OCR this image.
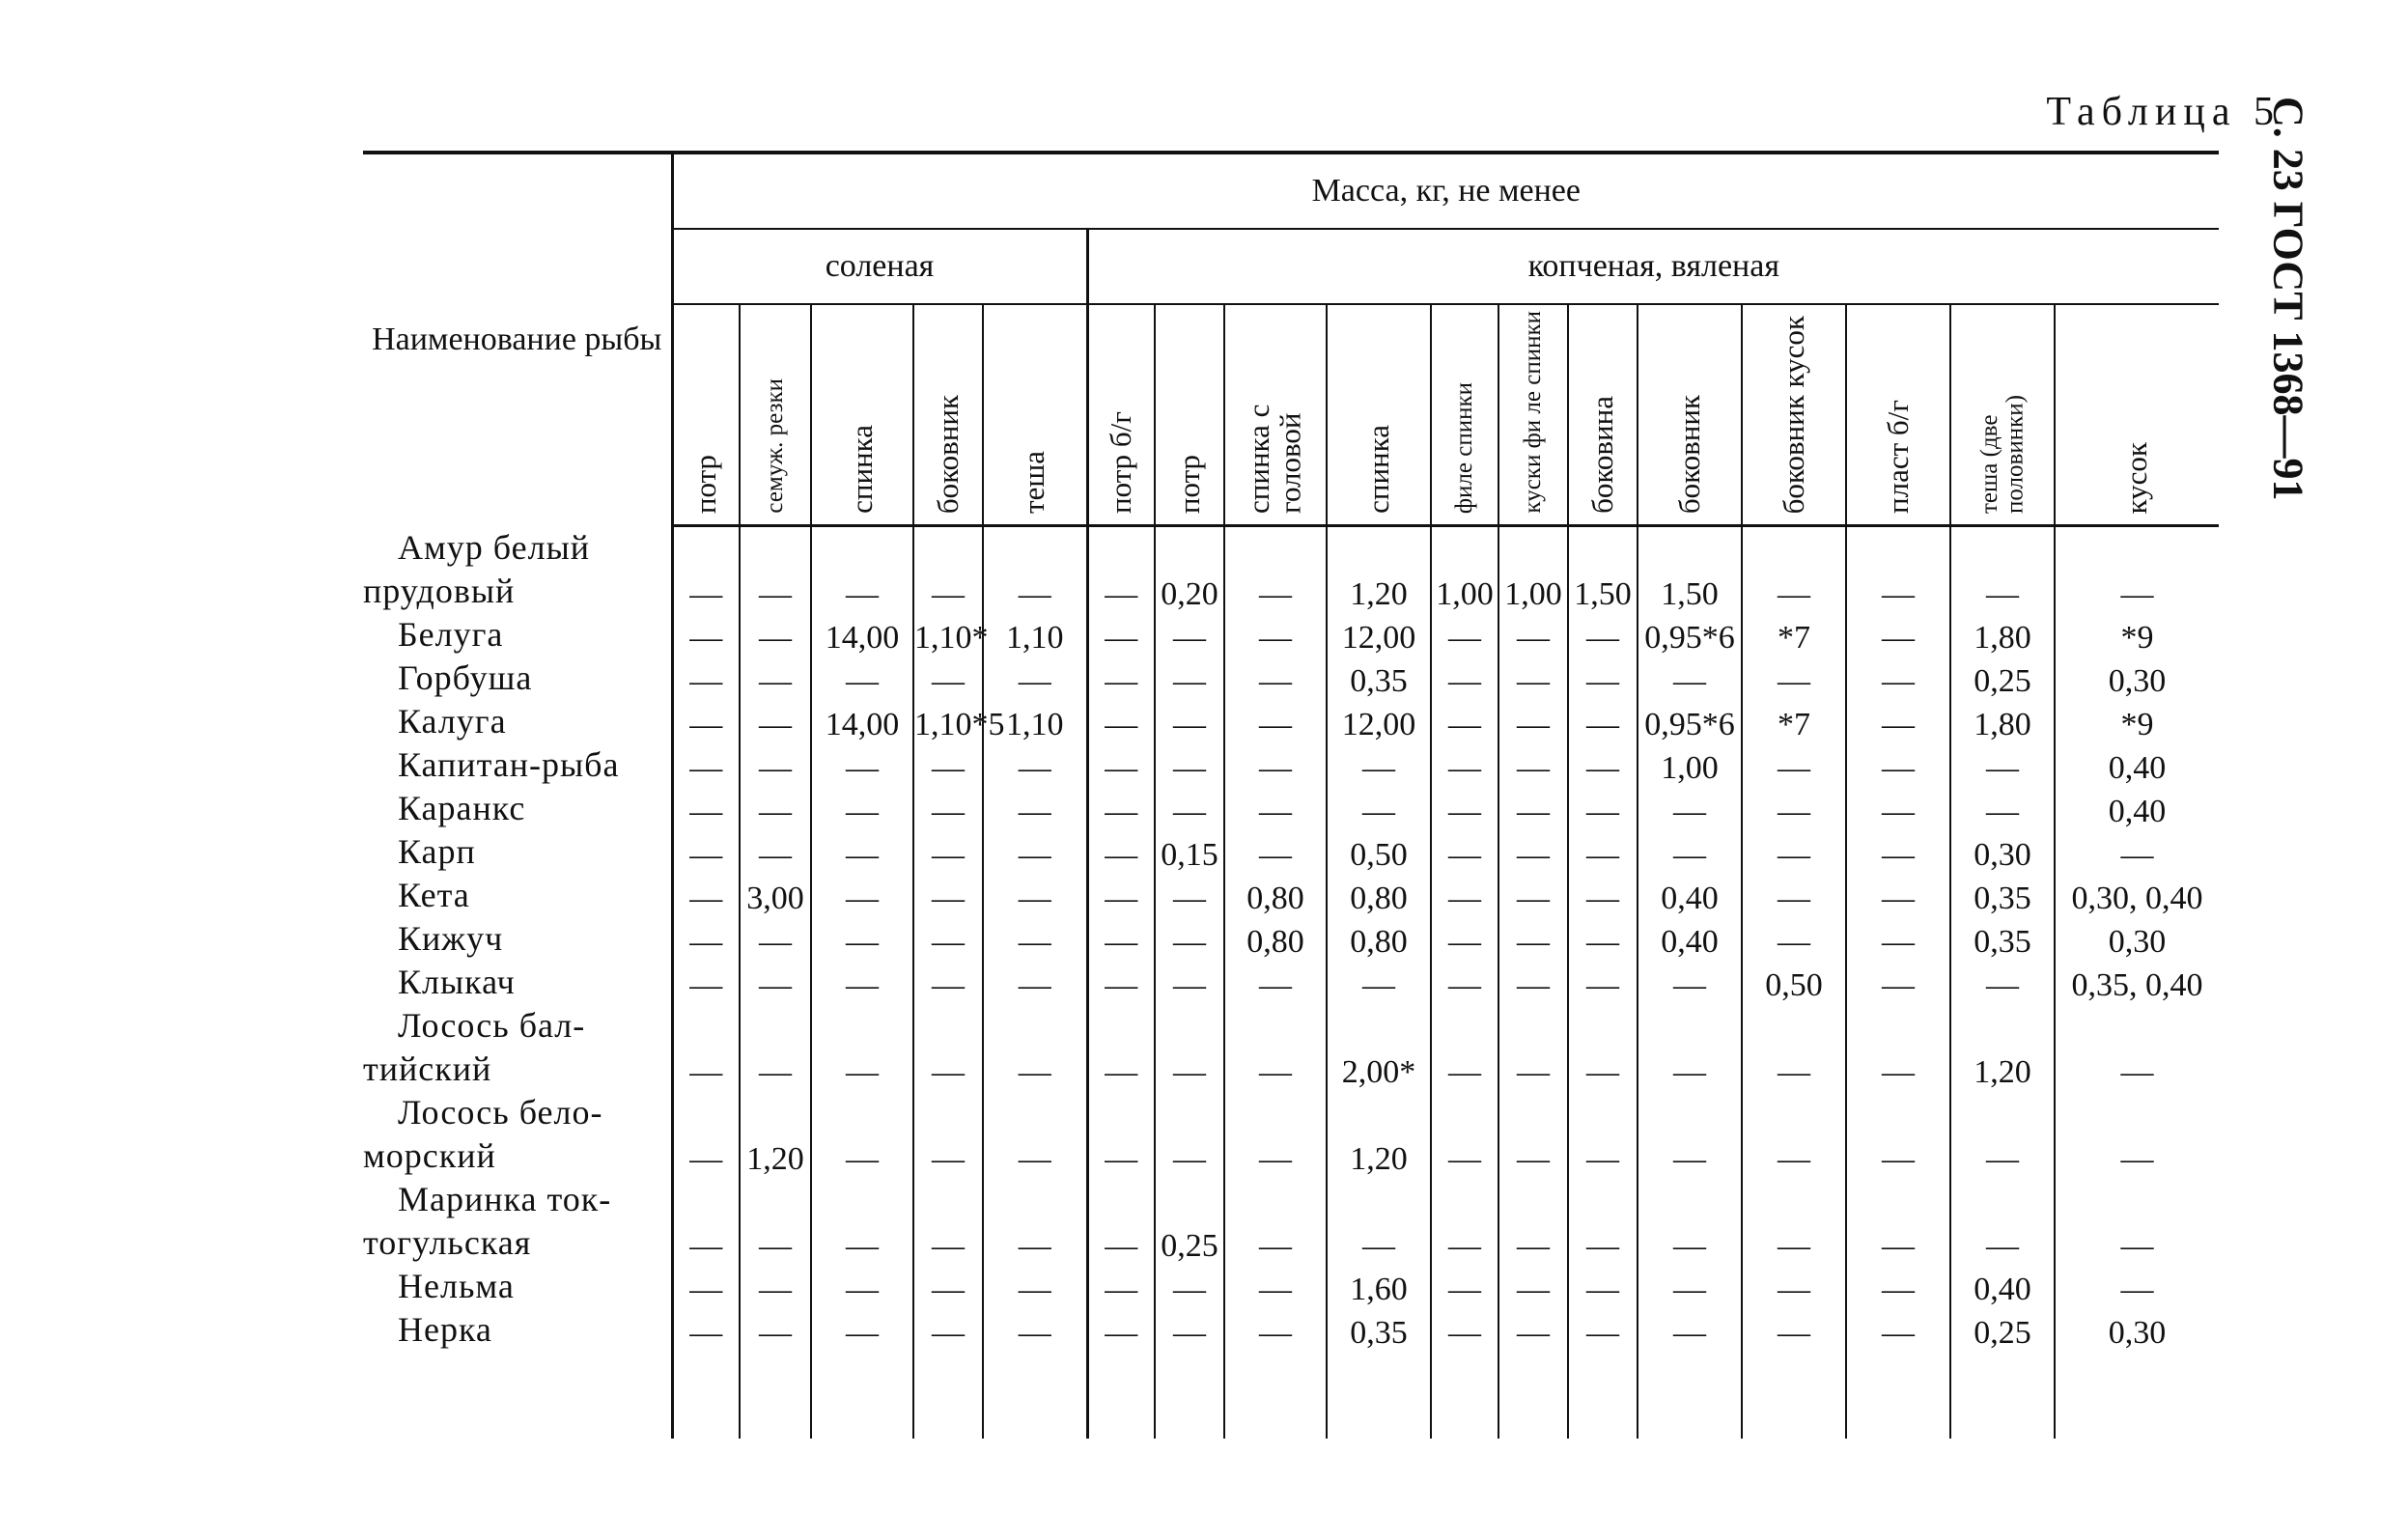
Таблица 5
С. 23 ГОСТ 1368—91
Наименование рыбы	Масса, кг, не менее																
	соленая					копченая, вяленая											
	потр	семуж. резки	спинка	боковник	теша	потр б/г	потр	спинка с головой	спинка	филе спинки	куски фи ле спинки	боковина	боковник	боковник кусок	пласт б/г	теша (две половинки)	кусок

Амур белый
прудовый	—	—	—	—	—	—	0,20	—	1,20	1,00	1,00	1,50	1,50	—	—	—	—

Белуга	—	—	14,00	1,10*	1,10	—	—	—	12,00	—	—	—	0,95*6	*7	—	1,80	*9

Горбуша	—	—	—	—	—	—	—	—	0,35	—	—	—	—	—	—	0,25	0,30

Калуга	—	—	14,00	1,10*5	1,10	—	—	—	12,00	—	—	—	0,95*6	*7	—	1,80	*9

Капитан-рыба	—	—	—	—	—	—	—	—	—	—	—	—	1,00	—	—	—	0,40

Каранкс	—	—	—	—	—	—	—	—	—	—	—	—	—	—	—	—	0,40

Карп	—	—	—	—	—	—	0,15	—	0,50	—	—	—	—	—	—	0,30	—

Кета	—	3,00	—	—	—	—	—	0,80	0,80	—	—	—	0,40	—	—	0,35	0,30, 0,40

Кижуч	—	—	—	—	—	—	—	0,80	0,80	—	—	—	0,40	—	—	0,35	0,30

Клыкач	—	—	—	—	—	—	—	—	—	—	—	—	—	0,50	—	—	0,35, 0,40

Лосось бал-
тийский	—	—	—	—	—	—	—	—	2,00*	—	—	—	—	—	—	1,20	—

Лосось бело-
морский	—	1,20	—	—	—	—	—	—	1,20	—	—	—	—	—	—	—	—

Маринка ток-
тогульская	—	—	—	—	—	—	0,25	—	—	—	—	—	—	—	—	—	—

Нельма	—	—	—	—	—	—	—	—	1,60	—	—	—	—	—	—	0,40	—

Нерка	—	—	—	—	—	—	—	—	0,35	—	—	—	—	—	—	0,25	0,30
